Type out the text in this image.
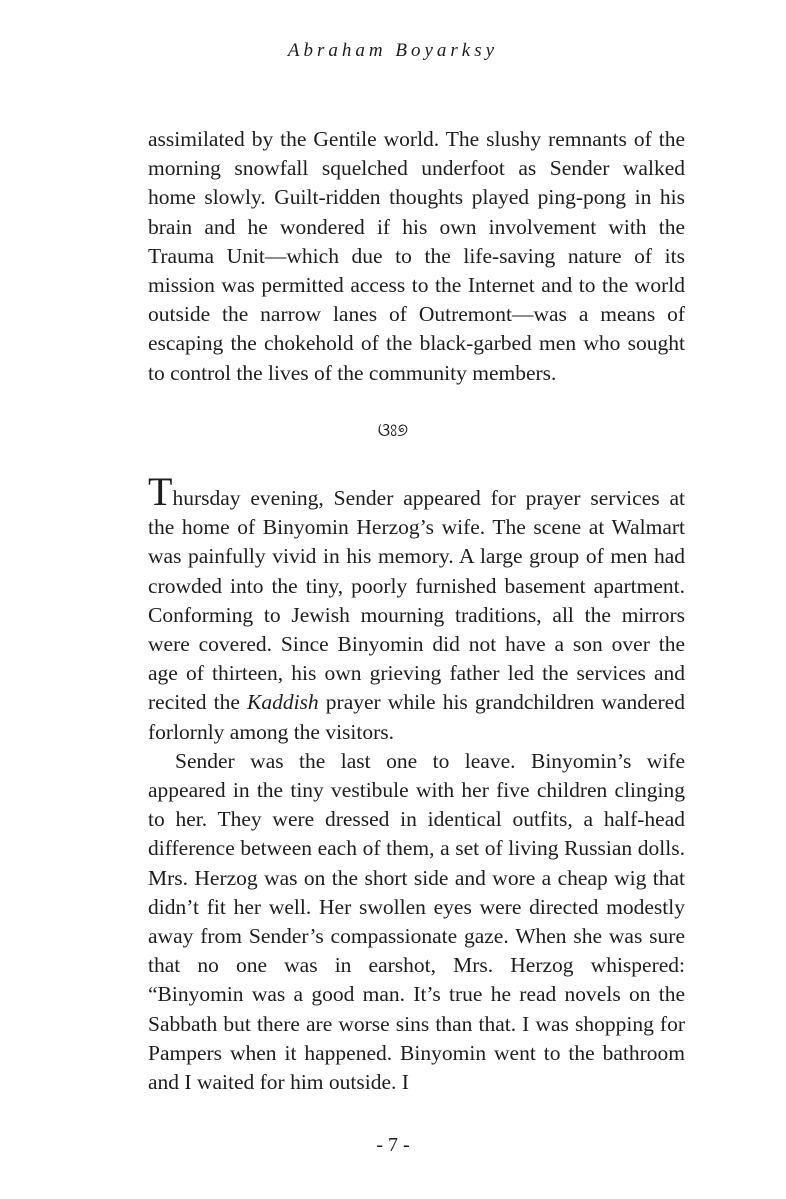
Abraham Boyarksy

assimilated by the Gentile world. The slushy remnants of the morning snowfall squelched underfoot as Sender walked home slowly. Guilt-ridden thoughts played ping-pong in his brain and he wondered if his own involvement with the Trauma Unit—which due to the life-saving nature of its mission was permitted access to the Internet and to the world outside the narrow lanes of Outremont—was a means of escaping the chokehold of the black-garbed men who sought to control the lives of the community members.

ଓଃ୭

Thursday evening, Sender appeared for prayer services at the home of Binyomin Herzog’s wife. The scene at Walmart was painfully vivid in his memory. A large group of men had crowded into the tiny, poorly furnished basement apartment. Conforming to Jewish mourning traditions, all the mirrors were covered. Since Binyomin did not have a son over the age of thirteen, his own grieving father led the services and recited the Kaddish prayer while his grandchildren wandered forlornly among the visitors.

Sender was the last one to leave. Binyomin’s wife appeared in the tiny vestibule with her five children clinging to her. They were dressed in identical outfits, a half-head difference between each of them, a set of living Russian dolls. Mrs. Herzog was on the short side and wore a cheap wig that didn’t fit her well. Her swollen eyes were directed modestly away from Sender’s compassionate gaze. When she was sure that no one was in earshot, Mrs. Herzog whispered: “Binyomin was a good man. It’s true he read novels on the Sabbath but there are worse sins than that. I was shopping for Pampers when it happened. Binyomin went to the bathroom and I waited for him outside. I

- 7 -
